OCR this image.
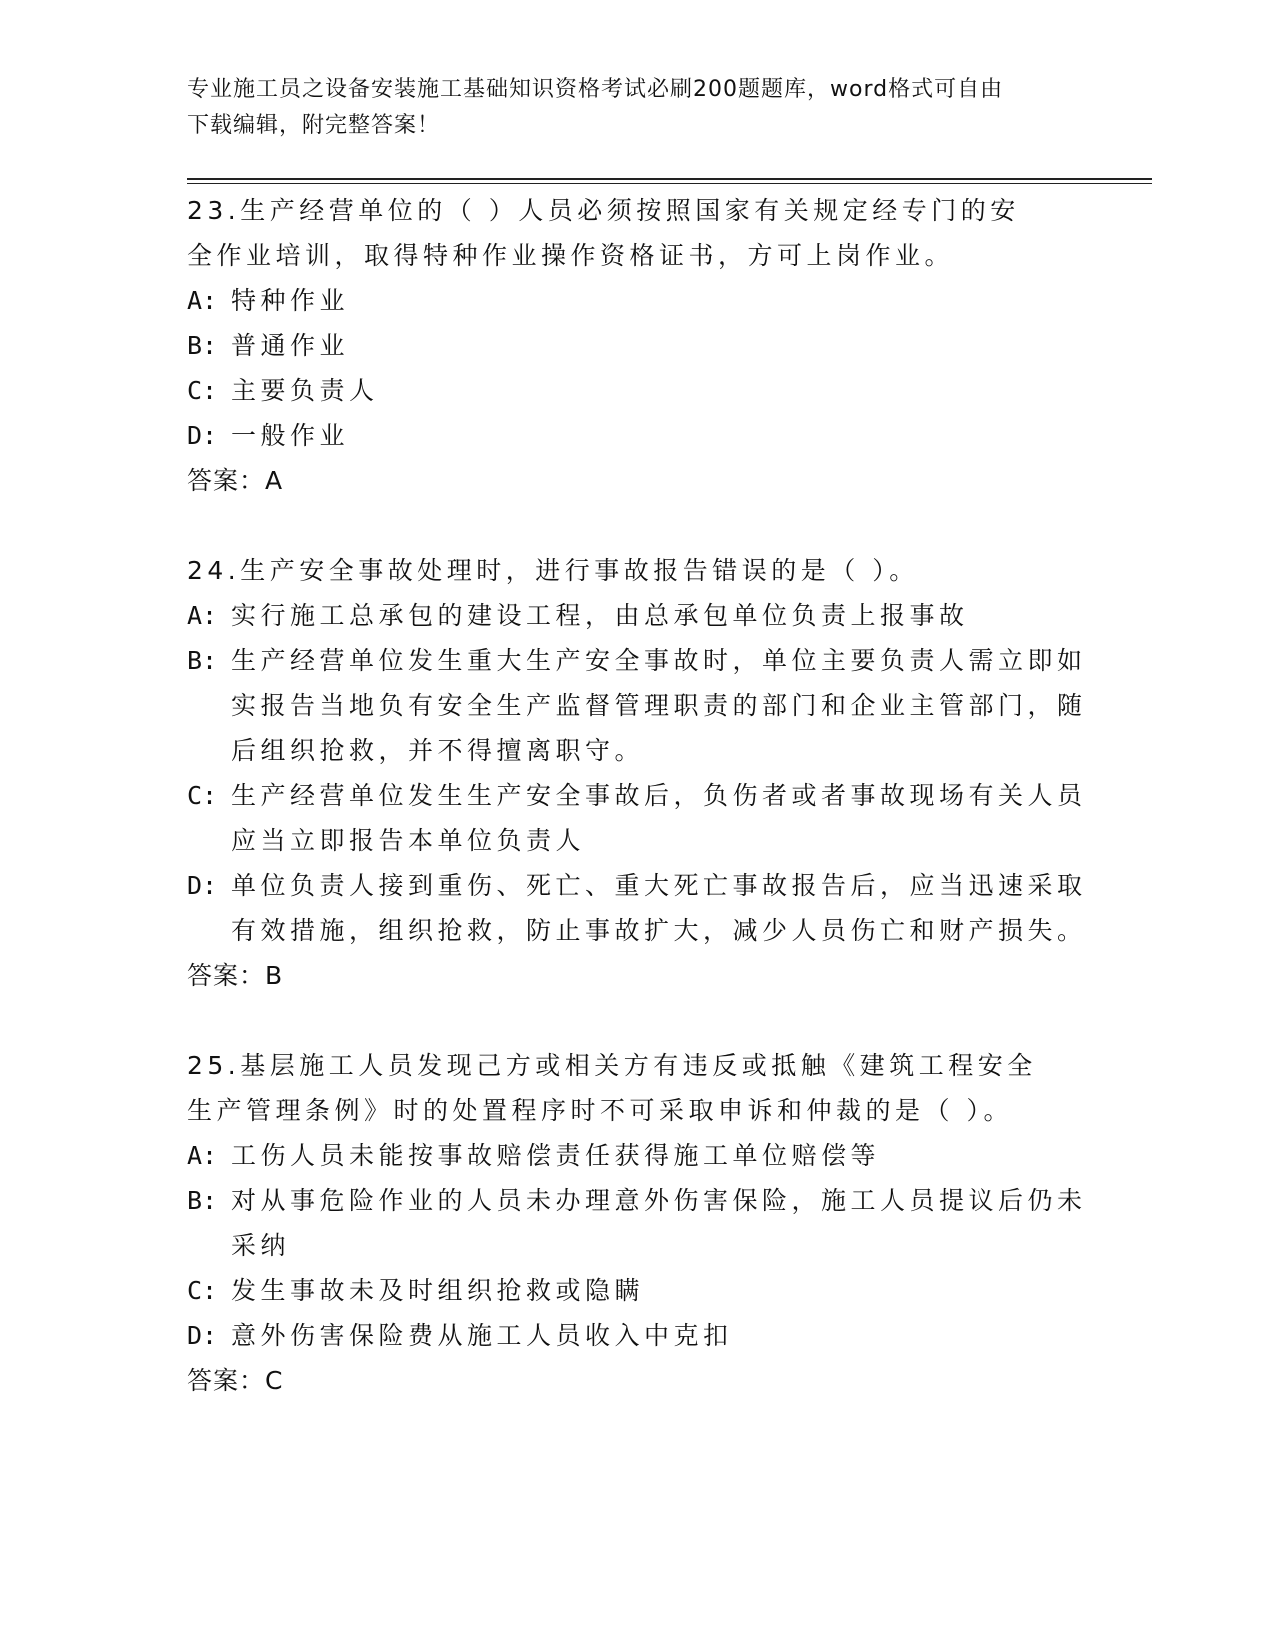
专业施工员之设备安装施工基础知识资格考试必刷200题题库，word格式可自由
下载编辑，附完整答案！
23.生产经营单位的（ ）人员必须按照国家有关规定经专门的安全作业培训，取得特种作业操作资格证书，方可上岗作业。
A: 特种作业
B: 普通作业
C: 主要负责人
D: 一般作业
答案：A
24.生产安全事故处理时，进行事故报告错误的是（ ）。
A: 实行施工总承包的建设工程，由总承包单位负责上报事故
B: 生产经营单位发生重大生产安全事故时，单位主要负责人需立即如实报告当地负有安全生产监督管理职责的部门和企业主管部门，随后组织抢救，并不得擅离职守。
C: 生产经营单位发生生产安全事故后，负伤者或者事故现场有关人员应当立即报告本单位负责人
D: 单位负责人接到重伤、死亡、重大死亡事故报告后，应当迅速采取有效措施，组织抢救，防止事故扩大，减少人员伤亡和财产损失。
答案：B
25.基层施工人员发现己方或相关方有违反或抵触《建筑工程安全生产管理条例》时的处置程序时不可采取申诉和仲裁的是（ ）。
A: 工伤人员未能按事故赔偿责任获得施工单位赔偿等
B: 对从事危险作业的人员未办理意外伤害保险，施工人员提议后仍未采纳
C: 发生事故未及时组织抢救或隐瞒
D: 意外伤害保险费从施工人员收入中克扣
答案：C
